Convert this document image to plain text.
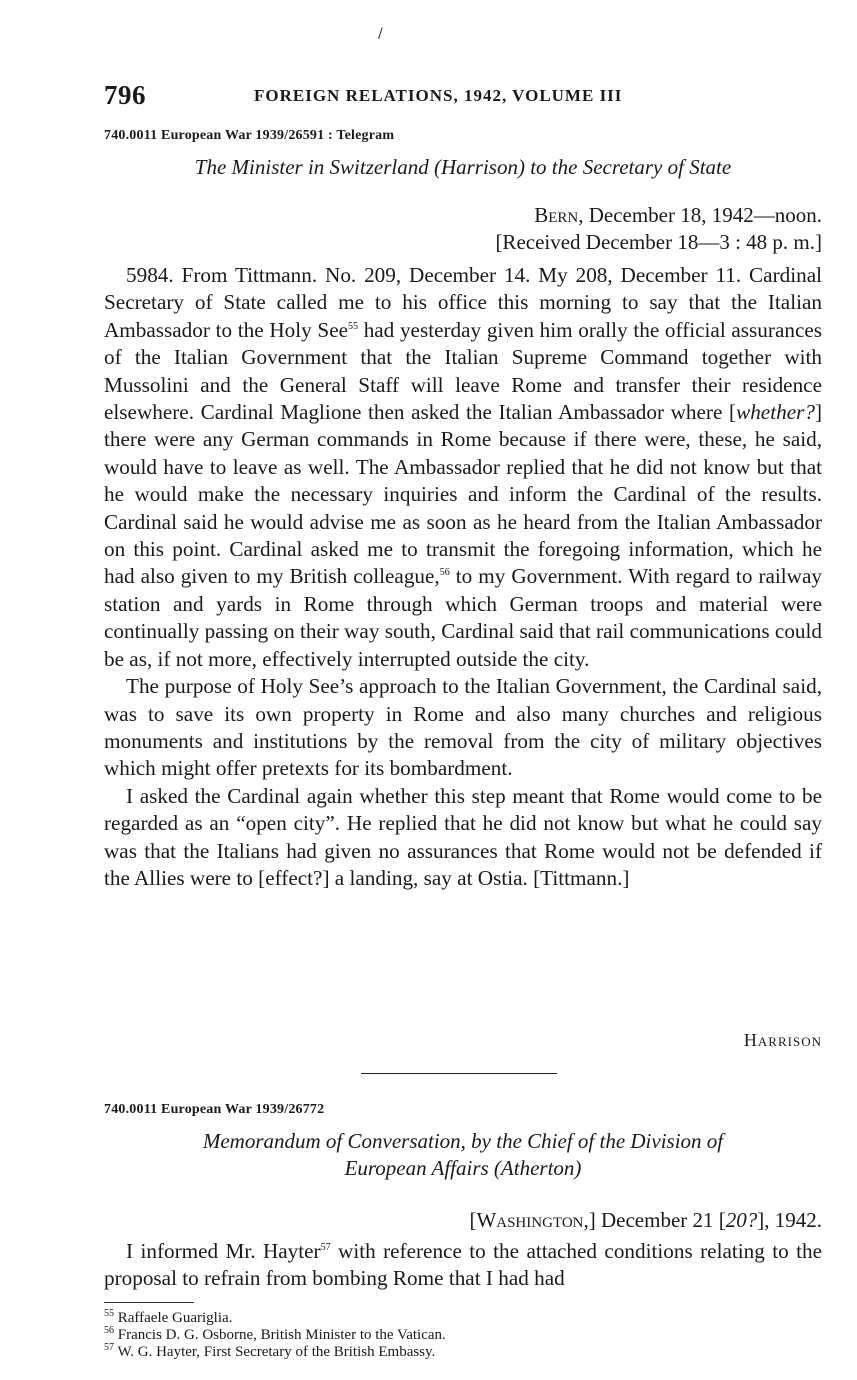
/
796	FOREIGN RELATIONS, 1942, VOLUME III
740.0011 European War 1939/26591 : Telegram
The Minister in Switzerland (Harrison) to the Secretary of State
Bern, December 18, 1942—noon.
[Received December 18—3 : 48 p. m.]

5984. From Tittmann. No. 209, December 14. My 208, December 11. Cardinal Secretary of State called me to his office this morning to say that the Italian Ambassador to the Holy See$^{55}$ had yesterday given him orally the official assurances of the Italian Government that the Italian Supreme Command together with Mussolini and the General Staff will leave Rome and transfer their residence elsewhere. Cardinal Maglione then asked the Italian Ambassador where [whether?] there were any German commands in Rome because if there were, these, he said, would have to leave as well. The Ambassador replied that he did not know but that he would make the necessary inquiries and inform the Cardinal of the results. Cardinal said he would advise me as soon as he heard from the Italian Ambassador on this point. Cardinal asked me to transmit the foregoing information, which he had also given to my British colleague,$^{56}$ to my Government. With regard to railway station and yards in Rome through which German troops and material were continually passing on their way south, Cardinal said that rail communications could be as, if not more, effectively interrupted outside the city.

The purpose of Holy See’s approach to the Italian Government, the Cardinal said, was to save its own property in Rome and also many churches and religious monuments and institutions by the removal from the city of military objectives which might offer pretexts for its bombardment.

I asked the Cardinal again whether this step meant that Rome would come to be regarded as an “open city”. He replied that he did not know but what he could say was that the Italians had given no assurances that Rome would not be defended if the Allies were to [effect?] a landing, say at Ostia. [Tittmann.]

Harrison
740.0011 European War 1939/26772
Memorandum of Conversation, by the Chief of the Division of
European Affairs (Atherton)
[Washington,] December 21 [20?], 1942.

I informed Mr. Hayter$^{57}$ with reference to the attached conditions relating to the proposal to refrain from bombing Rome that I had had

$^{55}$ Raffaele Guariglia.
$^{56}$ Francis D. G. Osborne, British Minister to the Vatican.
$^{57}$ W. G. Hayter, First Secretary of the British Embassy.
